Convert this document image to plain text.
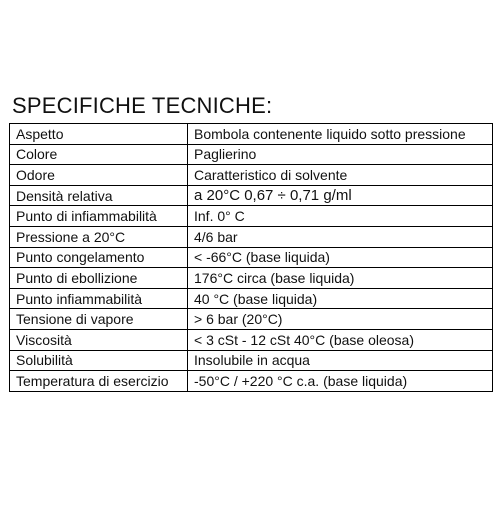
SPECIFICHE TECNICHE:
Aspetto	Bombola contenente liquido sotto pressione
Colore	Paglierino
Odore	Caratteristico di solvente
Densità relativa	a 20°C 0,67 ÷ 0,71 g/ml
Punto di infiammabilità	Inf. 0° C
Pressione a 20°C	4/6 bar
Punto congelamento	< -66°C (base liquida)
Punto di ebollizione	176°C circa (base liquida)
Punto infiammabilità	40 °C (base liquida)
Tensione di vapore	> 6 bar (20°C)
Viscosità	< 3 cSt - 12 cSt 40°C (base oleosa)
Solubilità	Insolubile in acqua
Temperatura di esercizio	-50°C / +220 °C c.a. (base liquida)
